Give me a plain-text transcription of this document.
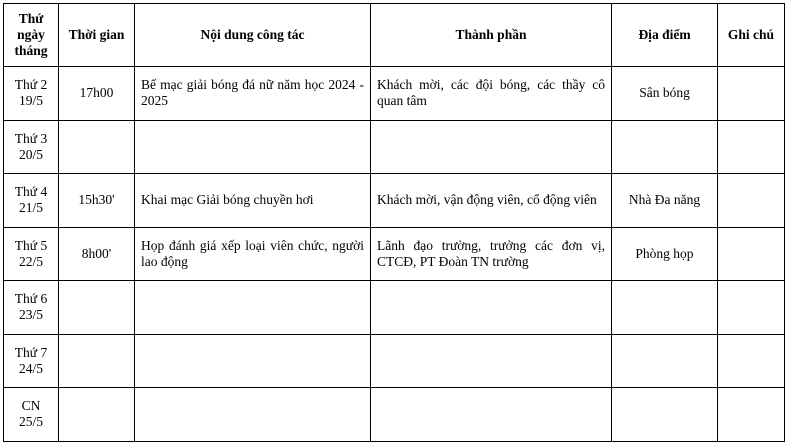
Thứ ngày tháng	Thời gian	Nội dung công tác	Thành phần	Địa điểm	Ghi chú
Thứ 2
19/5	17h00	Bế mạc giải bóng đá nữ năm học 2024 - 2025	Khách mời, các đội bóng, các thầy cô quan tâm	Sân bóng	
Thứ 3
20/5					
Thứ 4
21/5	15h30'	Khai mạc Giải bóng chuyền hơi	Khách mời, vận động viên, cổ động viên	Nhà Đa năng	
Thứ 5
22/5	8h00'	Họp đánh giá xếp loại viên chức, người lao động	Lãnh đạo trường, trưởng các đơn vị, CTCĐ, PT Đoàn TN trường	Phòng họp	
Thứ 6
23/5					
Thứ 7
24/5					
CN
25/5					
